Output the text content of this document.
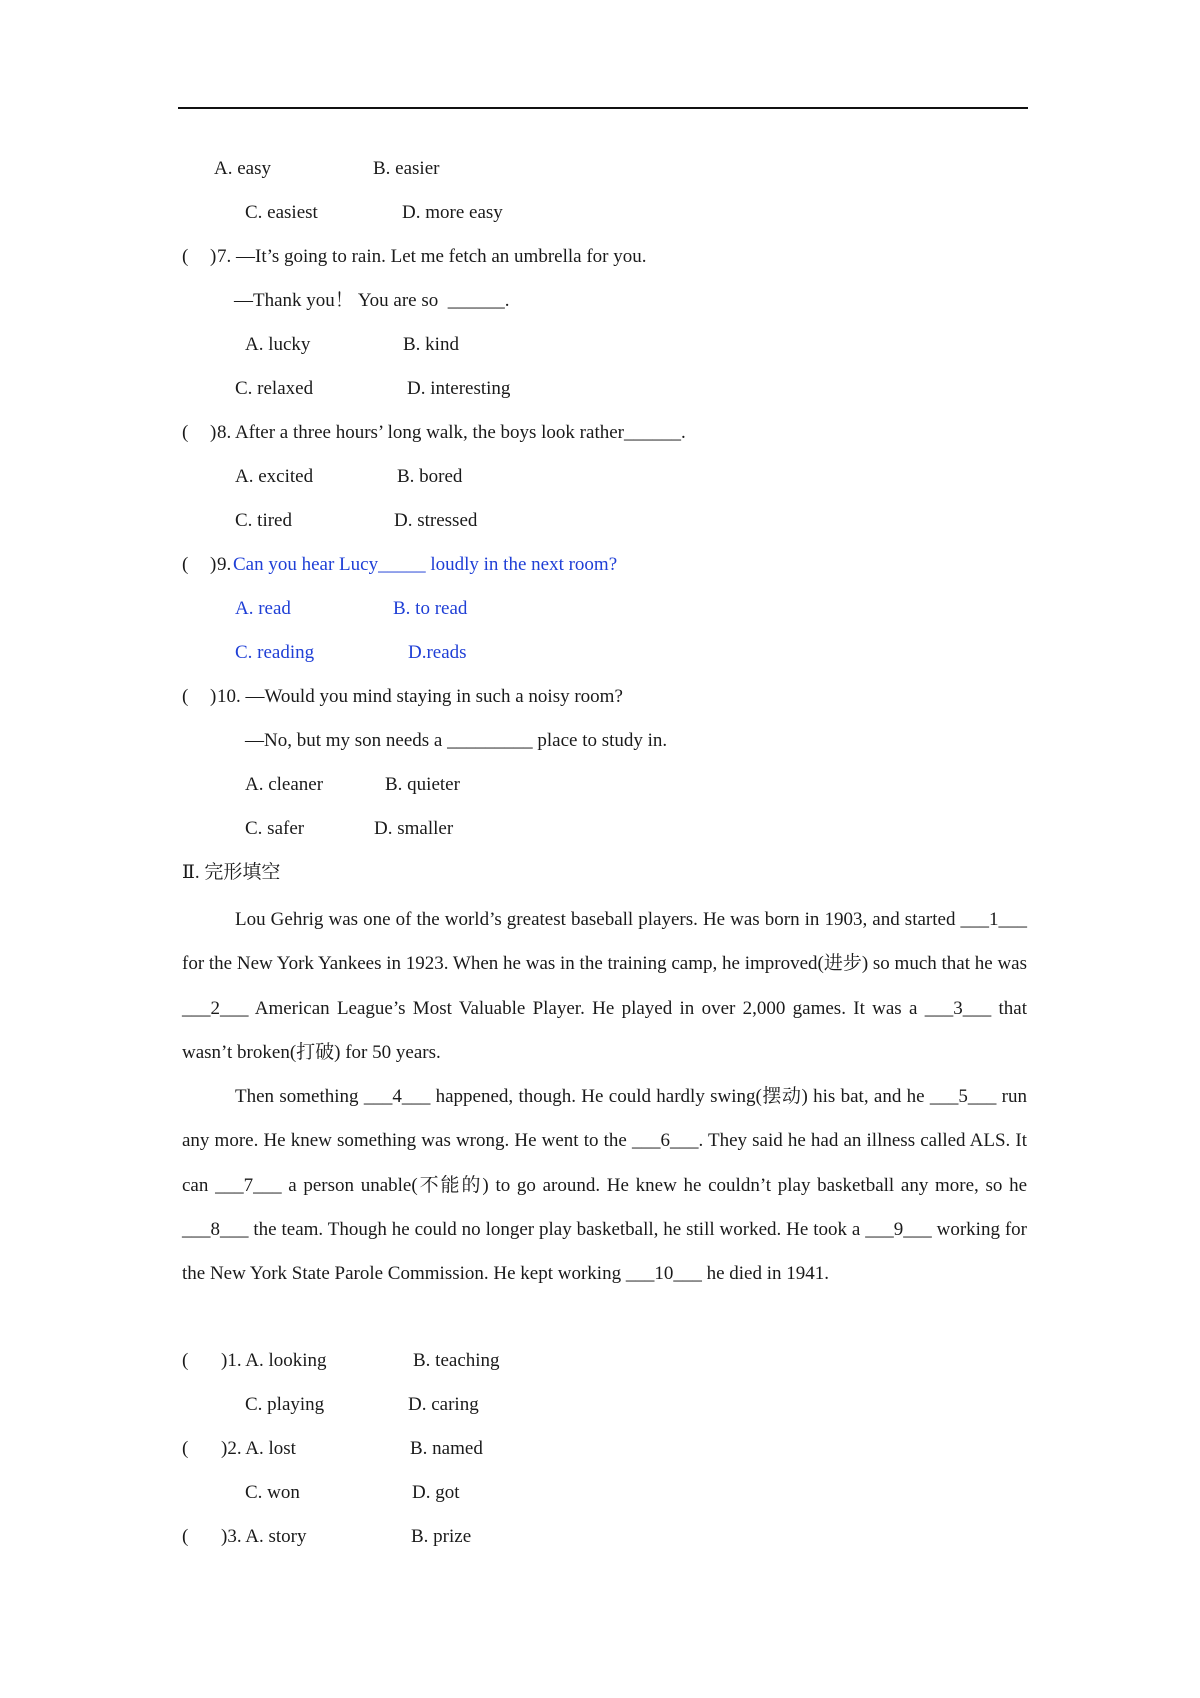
A. easy	B. easier
C. easiest	D. more easy
( ) 7. —It’s going to rain. Let me fetch an umbrella for you.
—Thank you！ You are so  ______.
A. lucky	B. kind
C. relaxed	D. interesting
( ) 8. After a three hours’ long walk, the boys look rather______.
A. excited	B. bored
C. tired	D. stressed
( ) 9. Can you hear Lucy_____ loudly in the next room?
A. read	B. to read
C. reading	D.reads
( ) 10. —Would you mind staying in such a noisy room?
—No, but my son needs a _________ place to study in.
A. cleaner	B. quieter
C. safer	D. smaller
Ⅱ. 完形填空
Lou Gehrig was one of the world’s greatest baseball players. He was born in 1903, and started ___1___ for the New York Yankees in 1923. When he was in the training camp, he improved(进步) so much that he was ___2___ American League’s Most Valuable Player. He played in over 2,000 games. It was a ___3___ that wasn’t broken(打破) for 50 years.
Then something ___4___ happened, though. He could hardly swing(摆动) his bat, and he ___5___ run any more. He knew something was wrong. He went to the ___6___. They said he had an illness called ALS. It can ___7___ a person unable(不能的) to go around. He knew he couldn’t play basketball any more, so he ___8___ the team. Though he could no longer play basketball, he still worked. He took a ___9___ working for the New York State Parole Commission. He kept working ___10___ he died in 1941.
( )1. A. looking	B. teaching
C. playing	D. caring
( )2. A. lost	B. named
C. won	D. got
( )3. A. story	B. prize
